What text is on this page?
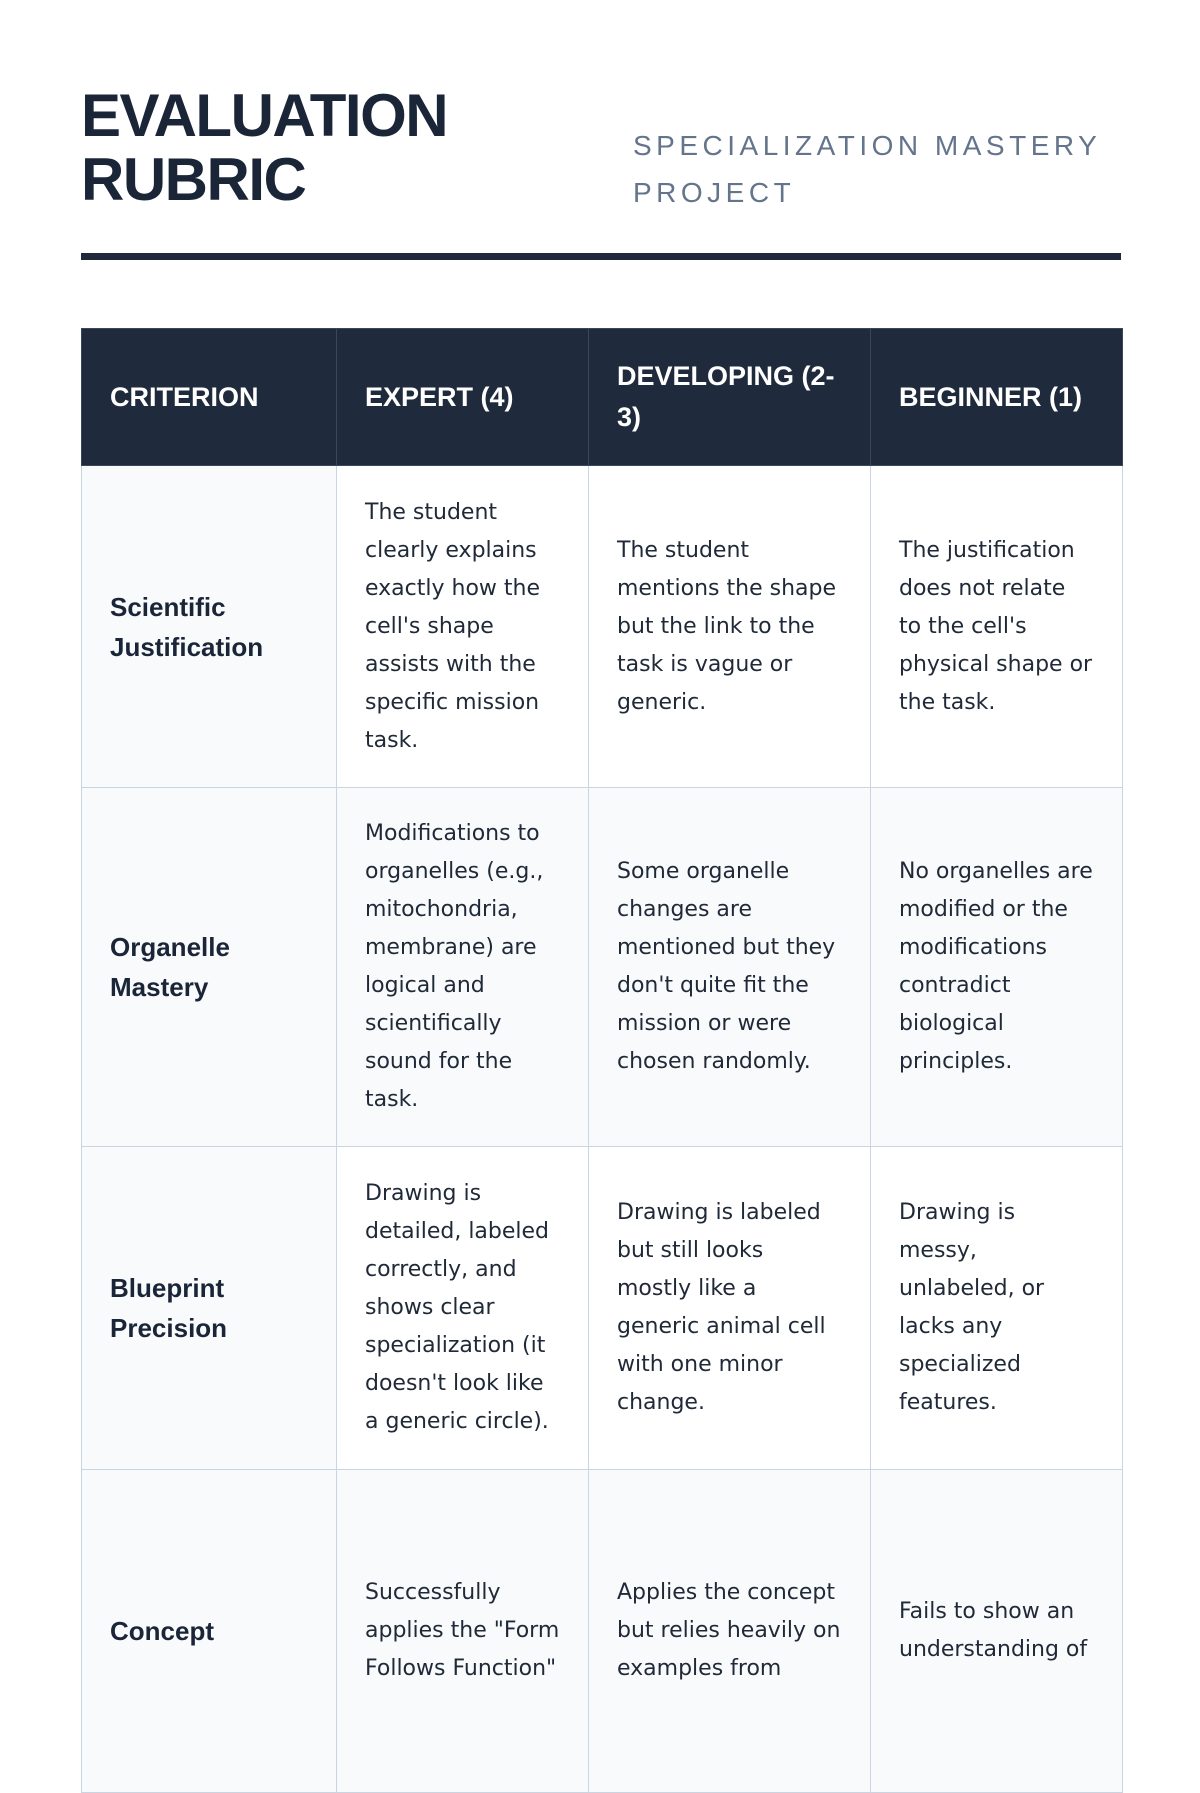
EVALUATION
RUBRIC
SPECIALIZATION MASTERY PROJECT
CRITERION	EXPERT (4)	DEVELOPING (2-3)	BEGINNER (1)
Scientific Justification	The student clearly explains exactly how the cell's shape assists with the specific mission task.	The student mentions the shape but the link to the task is vague or generic.	The justification does not relate to the cell's physical shape or the task.
Organelle Mastery	Modifications to organelles (e.g., mitochondria, membrane) are logical and scientifically sound for the task.	Some organelle changes are mentioned but they don't quite fit the mission or were chosen randomly.	No organelles are modified or the modifications contradict biological principles.
Blueprint Precision	Drawing is detailed, labeled correctly, and shows clear specialization (it doesn't look like a generic circle).	Drawing is labeled but still looks mostly like a generic animal cell with one minor change.	Drawing is messy, unlabeled, or lacks any specialized features.
Concept	Successfully applies the "Form Follows Function"	Applies the concept but relies heavily on examples from	Fails to show an understanding of
